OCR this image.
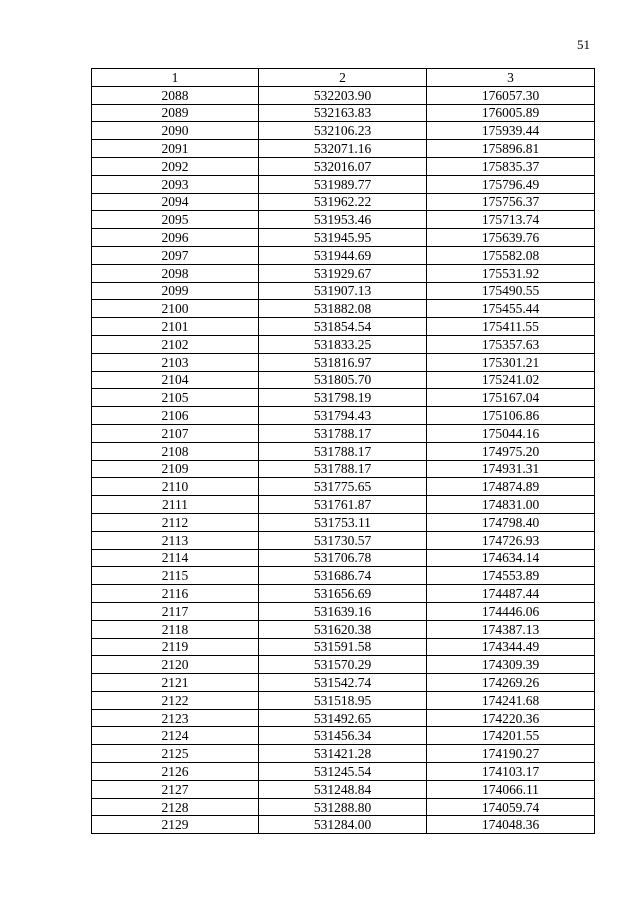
51
1	2	3
2088	532203.90	176057.30
2089	532163.83	176005.89
2090	532106.23	175939.44
2091	532071.16	175896.81
2092	532016.07	175835.37
2093	531989.77	175796.49
2094	531962.22	175756.37
2095	531953.46	175713.74
2096	531945.95	175639.76
2097	531944.69	175582.08
2098	531929.67	175531.92
2099	531907.13	175490.55
2100	531882.08	175455.44
2101	531854.54	175411.55
2102	531833.25	175357.63
2103	531816.97	175301.21
2104	531805.70	175241.02
2105	531798.19	175167.04
2106	531794.43	175106.86
2107	531788.17	175044.16
2108	531788.17	174975.20
2109	531788.17	174931.31
2110	531775.65	174874.89
2111	531761.87	174831.00
2112	531753.11	174798.40
2113	531730.57	174726.93
2114	531706.78	174634.14
2115	531686.74	174553.89
2116	531656.69	174487.44
2117	531639.16	174446.06
2118	531620.38	174387.13
2119	531591.58	174344.49
2120	531570.29	174309.39
2121	531542.74	174269.26
2122	531518.95	174241.68
2123	531492.65	174220.36
2124	531456.34	174201.55
2125	531421.28	174190.27
2126	531245.54	174103.17
2127	531248.84	174066.11
2128	531288.80	174059.74
2129	531284.00	174048.36
